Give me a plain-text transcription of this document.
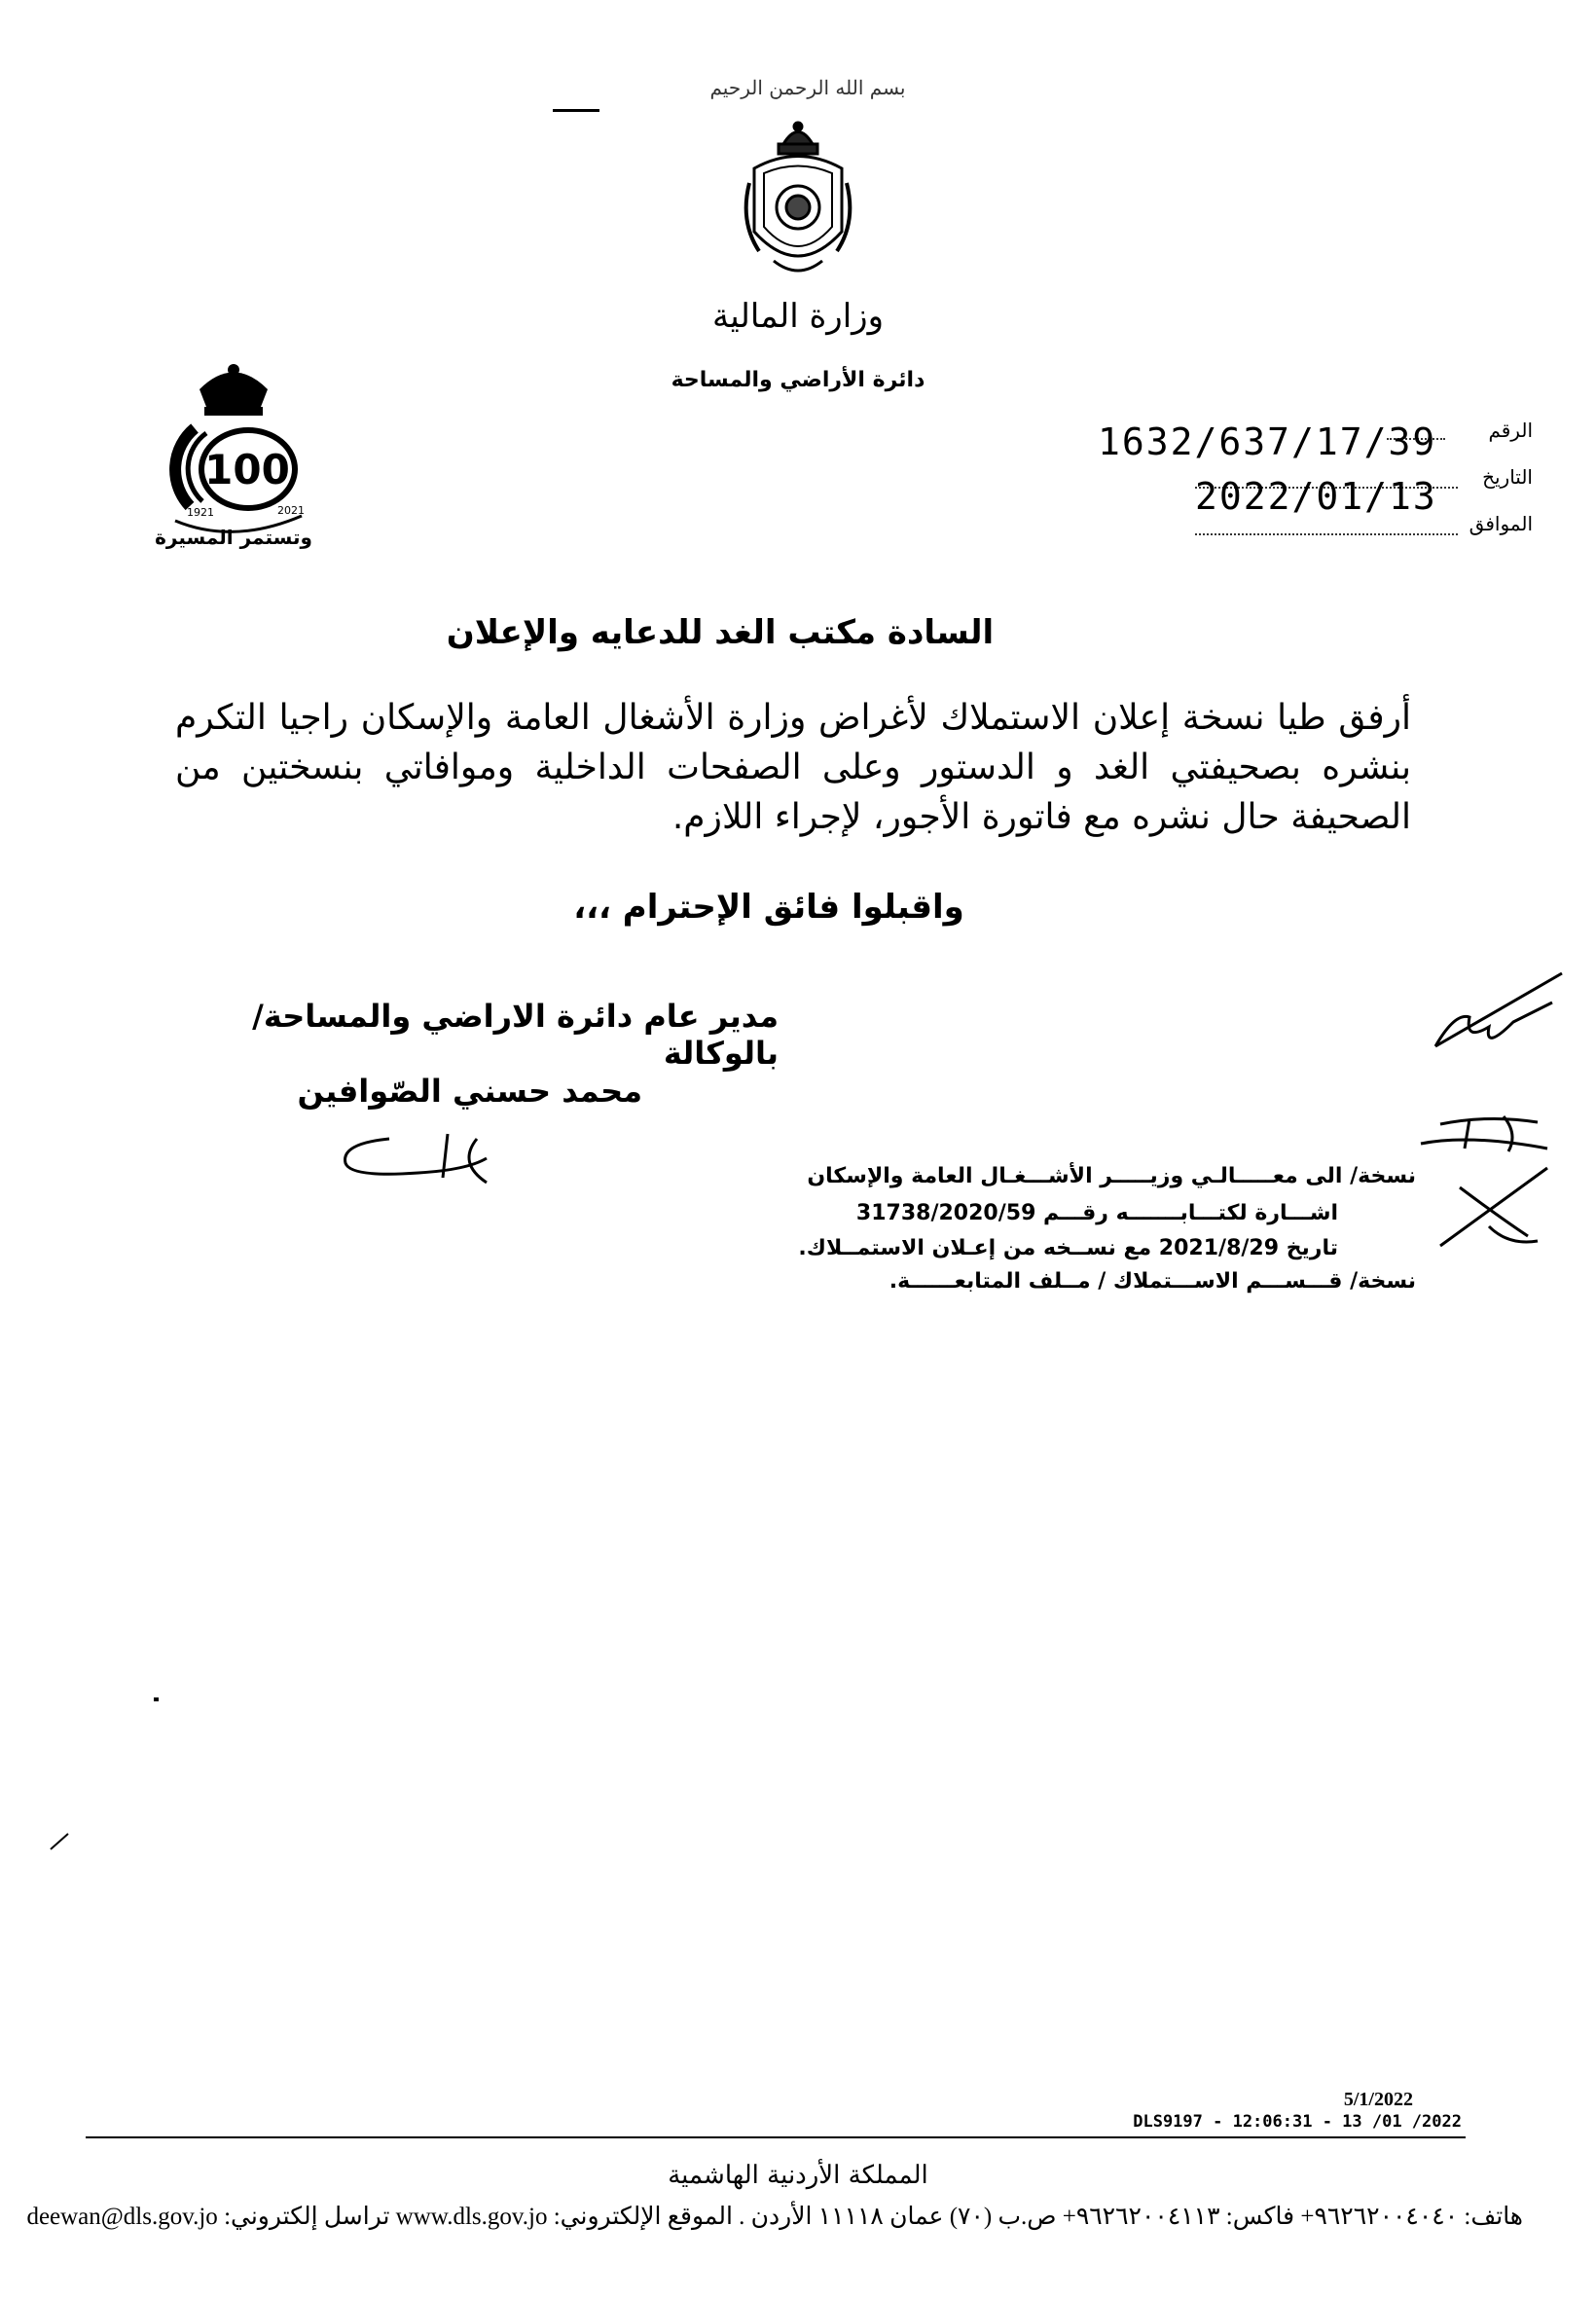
بسم الله الرحمن الرحيم
وزارة المالية
دائرة الأراضي والمساحة
100
1921	2021
وتستمر المسيرة
الرقم
1632/637/17/39
التاريخ
2022/01/13
الموافق
السادة مكتب الغد للدعايه والإعلان
أرفق طيا نسخة إعلان الاستملاك لأغراض وزارة الأشغال العامة والإسكان راجيا التكرم بنشره بصحيفتي الغد و الدستور وعلى الصفحات الداخلية وموافاتي بنسختين من الصحيفة حال نشره مع فاتورة الأجور، لإجراء اللازم.
واقبلوا فائق الإحترام ،،،
مدير عام دائرة الاراضي والمساحة/بالوكالة
محمد حسني الصّوافين
نسخة/ الى معـــــالـي وزيـــــر الأشـــغـال العامة والإسكان
اشـــارة لكتـــابـــــــه رقـــم 31738/2020/59
تاريخ 2021/8/29 مع نســخه من إعـلان الاستمــلاك.
نسخة/ قـــســـم الاســـتملاك / مــلف المتابعــــــة.
5/1/2022
DLS9197 - 12:06:31 - 13 /01 /2022
المملكة الأردنية الهاشمية
هاتف: ٩٦٢٦٢٠٠٤٠٤٠+ فاكس: ٩٦٢٦٢٠٠٤١١٣+ ص.ب (٧٠) عمان ١١١١٨ الأردن . الموقع الإلكتروني: www.dls.gov.jo تراسل إلكتروني: deewan@dls.gov.jo
